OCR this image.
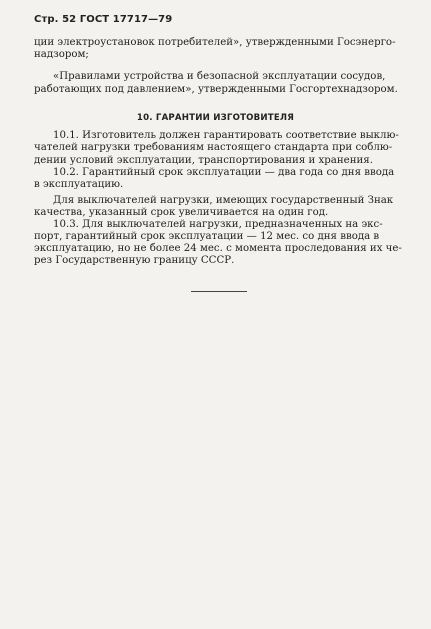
Стр. 52 ГОСТ 17717—79
ции электроустановок потребителей», утвержденными Госэнерго-
надзором;
«Правилами устройства и безопасной эксплуатации сосудов,
работающих под давлением», утвержденными Госгортехнадзором.
10. ГАРАНТИИ ИЗГОТОВИТЕЛЯ
10.1. Изготовитель должен гарантировать соответствие выклю-
чателей нагрузки требованиям настоящего стандарта при соблю-
дении условий эксплуатации, транспортирования и хранения.
10.2. Гарантийный срок эксплуатации — два года со дня ввода
в эксплуатацию.
Для выключателей нагрузки, имеющих государственный Знак
качества, указанный срок увеличивается на один год.
10.3. Для выключателей нагрузки, предназначенных на экс-
порт, гарантийный срок эксплуатации — 12 мес. со дня ввода в
эксплуатацию, но не более 24 мес. с момента проследования их че-
рез Государственную границу СССР.
